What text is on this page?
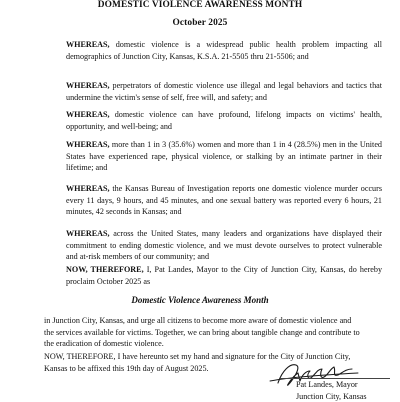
DOMESTIC VIOLENCE AWARENESS MONTH
October 2025

WHEREAS, domestic violence is a widespread public health problem impacting all demographics of Junction City, Kansas, K.S.A. 21-5505 thru 21-5506; and

WHEREAS, perpetrators of domestic violence use illegal and legal behaviors and tactics that undermine the victim's sense of self, free will, and safety; and

WHEREAS, domestic violence can have profound, lifelong impacts on victims' health, opportunity, and well-being; and

WHEREAS, more than 1 in 3 (35.6%) women and more than 1 in 4 (28.5%) men in the United States have experienced rape, physical violence, or stalking by an intimate partner in their lifetime; and

WHEREAS, the Kansas Bureau of Investigation reports one domestic violence murder occurs every 11 days, 9 hours, and 45 minutes, and one sexual battery was reported every 6 hours, 21 minutes, 42 seconds in Kansas; and

WHEREAS, across the United States, many leaders and organizations have displayed their commitment to ending domestic violence, and we must devote ourselves to protect vulnerable and at-risk members of our community; and

NOW, THEREFORE, I, Pat Landes, Mayor to the City of Junction City, Kansas, do hereby proclaim October 2025 as

Domestic Violence Awareness Month

in Junction City, Kansas, and urge all citizens to become more aware of domestic violence and the services available for victims. Together, we can bring about tangible change and contribute to the eradication of domestic violence.

NOW, THEREFORE, I have hereunto set my hand and signature for the City of Junction City, Kansas to be affixed this 19th day of August 2025.

Pat Landes, Mayor
Junction City, Kansas
